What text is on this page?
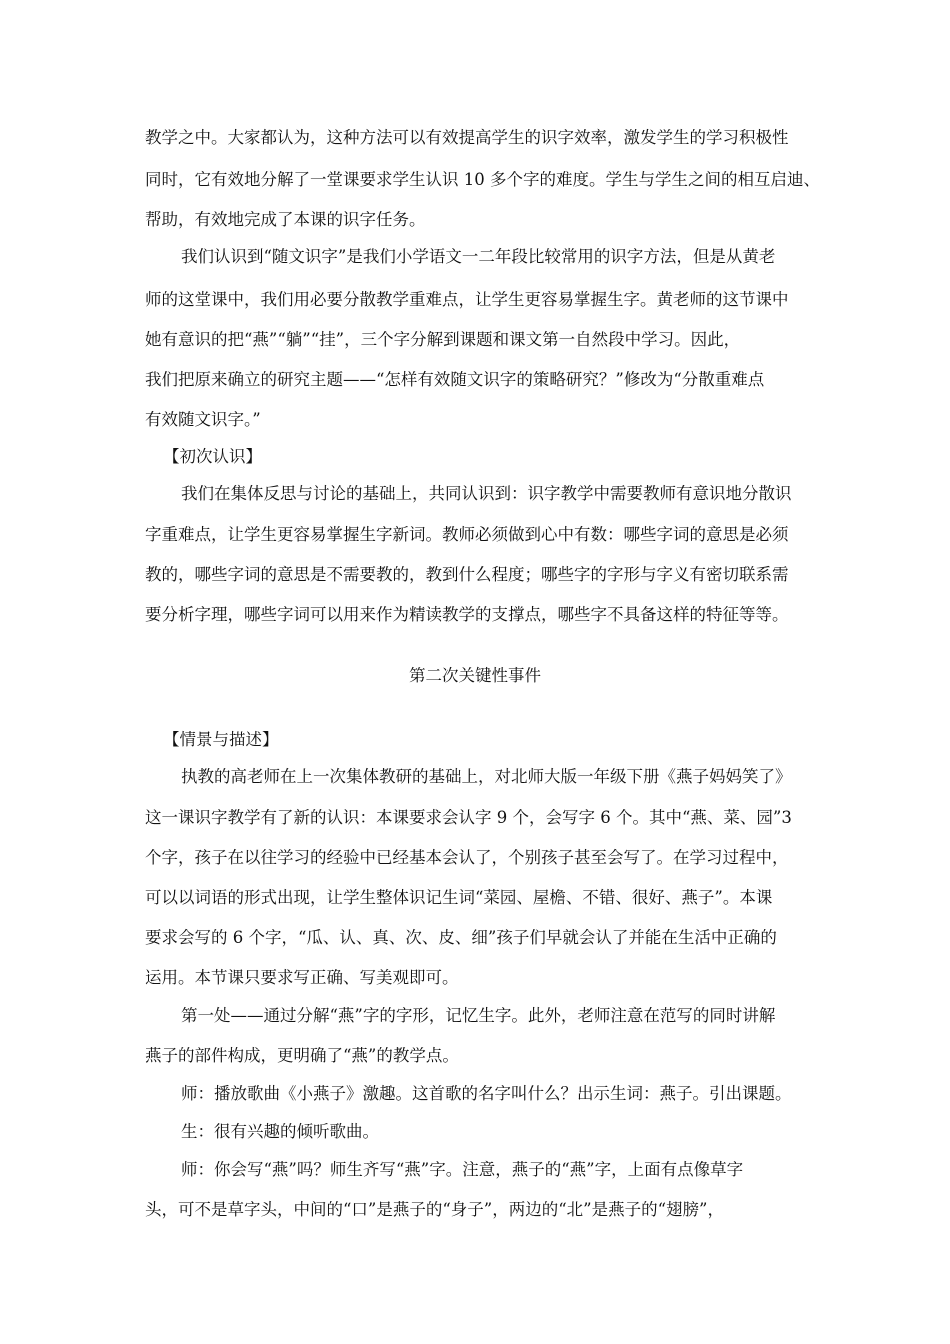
教学之中。大家都认为，这种方法可以有效提高学生的识字效率，激发学生的学习积极性
同时，它有效地分解了一堂课要求学生认识 10 多个字的难度。学生与学生之间的相互启迪、
帮助，有效地完成了本课的识字任务。
我们认识到“随文识字”是我们小学语文一二年段比较常用的识字方法，但是从黄老
师的这堂课中，我们用必要分散教学重难点，让学生更容易掌握生字。黄老师的这节课中
她有意识的把“燕”“躺”“挂”，三个字分解到课题和课文第一自然段中学习。因此，
我们把原来确立的研究主题——“怎样有效随文识字的策略研究？”修改为“分散重难点
有效随文识字。”
【初次认识】
我们在集体反思与讨论的基础上，共同认识到：识字教学中需要教师有意识地分散识
字重难点，让学生更容易掌握生字新词。教师必须做到心中有数：哪些字词的意思是必须
教的，哪些字词的意思是不需要教的，教到什么程度；哪些字的字形与字义有密切联系需
要分析字理，哪些字词可以用来作为精读教学的支撑点，哪些字不具备这样的特征等等。
第二次关键性事件
【情景与描述】
执教的高老师在上一次集体教研的基础上，对北师大版一年级下册《燕子妈妈笑了》
这一课识字教学有了新的认识：本课要求会认字 9 个，会写字 6 个。其中“燕、菜、园”3
个字，孩子在以往学习的经验中已经基本会认了，个别孩子甚至会写了。在学习过程中，
可以以词语的形式出现，让学生整体识记生词“菜园、屋檐、不错、很好、燕子”。本课
要求会写的 6 个字，“瓜、认、真、次、皮、细”孩子们早就会认了并能在生活中正确的
运用。本节课只要求写正确、写美观即可。
第一处——通过分解“燕”字的字形，记忆生字。此外，老师注意在范写的同时讲解
燕子的部件构成，更明确了“燕”的教学点。
师：播放歌曲《小燕子》激趣。这首歌的名字叫什么？出示生词：燕子。引出课题。
生：很有兴趣的倾听歌曲。
师：你会写“燕”吗？师生齐写“燕”字。注意，燕子的“燕”字，上面有点像草字
头，可不是草字头，中间的“口”是燕子的“身子”，两边的“北”是燕子的“翅膀”，
